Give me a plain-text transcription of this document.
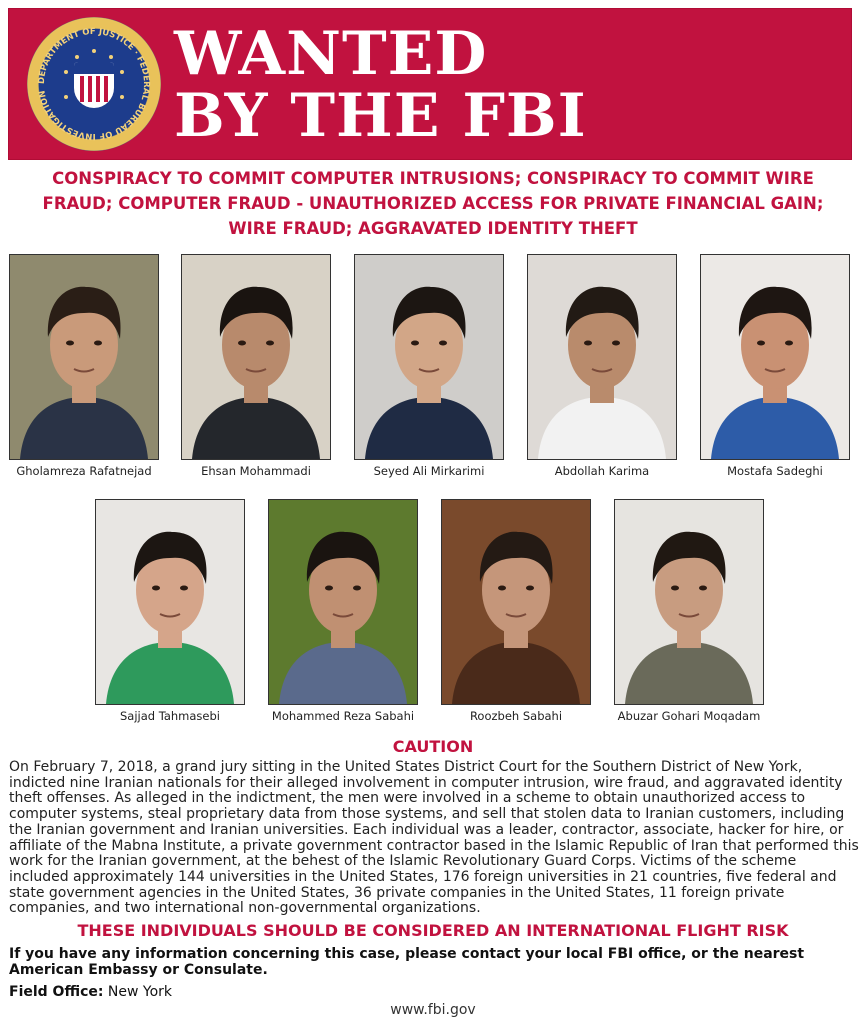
DEPARTMENT OF JUSTICE · FEDERAL BUREAU OF INVESTIGATION
WANTED
BY THE FBI
CONSPIRACY TO COMMIT COMPUTER INTRUSIONS; CONSPIRACY TO COMMIT WIRE
FRAUD; COMPUTER FRAUD - UNAUTHORIZED ACCESS FOR PRIVATE FINANCIAL GAIN;
WIRE FRAUD; AGGRAVATED IDENTITY THEFT
Gholamreza Rafatnejad	Ehsan Mohammadi	Seyed Ali Mirkarimi	Abdollah Karima	Mostafa Sadeghi
Sajjad Tahmasebi	Mohammed Reza Sabahi	Roozbeh Sabahi	Abuzar Gohari Moqadam
CAUTION
On February 7, 2018, a grand jury sitting in the United States District Court for the Southern District of New York, indicted nine Iranian nationals for their alleged involvement in computer intrusion, wire fraud, and aggravated identity theft offenses. As alleged in the indictment, the men were involved in a scheme to obtain unauthorized access to computer systems, steal proprietary data from those systems, and sell that stolen data to Iranian customers, including the Iranian government and Iranian universities. Each individual was a leader, contractor, associate, hacker for hire, or affiliate of the Mabna Institute, a private government contractor based in the Islamic Republic of Iran that performed this work for the Iranian government, at the behest of the Islamic Revolutionary Guard Corps. Victims of the scheme included approximately 144 universities in the United States, 176 foreign universities in 21 countries, five federal and state government agencies in the United States, 36 private companies in the United States, 11 foreign private companies, and two international non-governmental organizations.
THESE INDIVIDUALS SHOULD BE CONSIDERED AN INTERNATIONAL FLIGHT RISK
If you have any information concerning this case, please contact your local FBI office, or the nearest American Embassy or Consulate.
Field Office: New York
www.fbi.gov
